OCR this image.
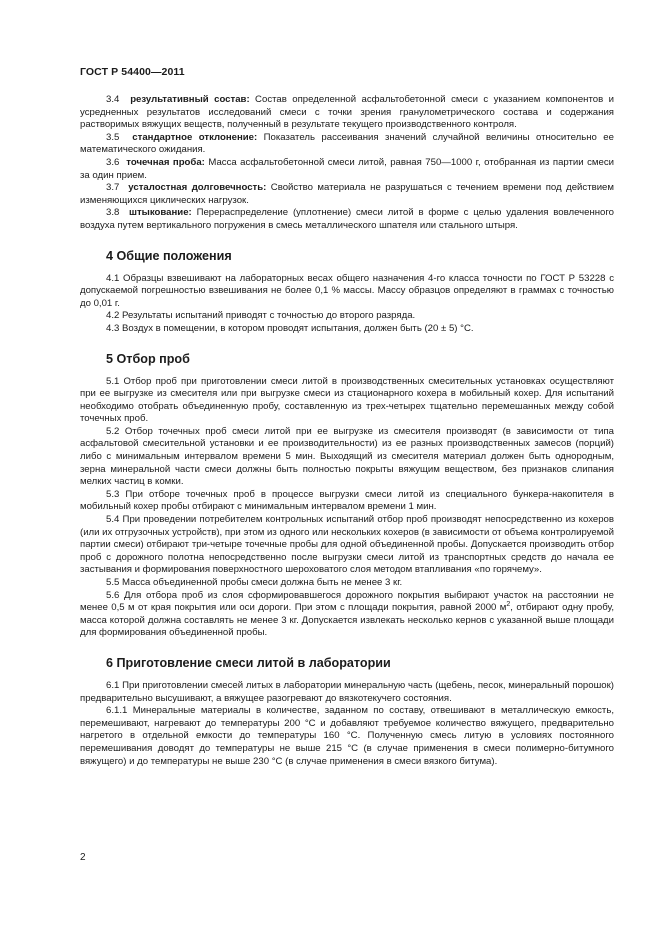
ГОСТ Р 54400—2011

3.4 результативный состав: Состав определенной асфальтобетонной смеси с указанием компонентов и усредненных результатов исследований смеси с точки зрения гранулометрического состава и содержания растворимых вяжущих веществ, полученный в результате текущего производственного контроля.

3.5 стандартное отклонение: Показатель рассеивания значений случайной величины относительно ее математического ожидания.

3.6 точечная проба: Масса асфальтобетонной смеси литой, равная 750—1000 г, отобранная из партии смеси за один прием.

3.7 усталостная долговечность: Свойство материала не разрушаться с течением времени под действием изменяющихся циклических нагрузок.

3.8 штыкование: Перераспределение (уплотнение) смеси литой в форме с целью удаления вовлеченного воздуха путем вертикального погружения в смесь металлического шпателя или стального штыря.

4 Общие положения

4.1 Образцы взвешивают на лабораторных весах общего назначения 4-го класса точности по ГОСТ Р 53228 с допускаемой погрешностью взвешивания не более 0,1 % массы. Массу образцов определяют в граммах с точностью до 0,01 г.

4.2 Результаты испытаний приводят с точностью до второго разряда.

4.3 Воздух в помещении, в котором проводят испытания, должен быть (20 ± 5) °С.

5 Отбор проб

5.1 Отбор проб при приготовлении смеси литой в производственных смесительных установках осуществляют при ее выгрузке из смесителя или при выгрузке смеси из стационарного кохера в мобильный кохер. Для испытаний необходимо отобрать объединенную пробу, составленную из трех-четырех тщательно перемешанных между собой точечных проб.

5.2 Отбор точечных проб смеси литой при ее выгрузке из смесителя производят (в зависимости от типа асфальтовой смесительной установки и ее производительности) из ее разных производственных замесов (порций) либо с минимальным интервалом времени 5 мин. Выходящий из смесителя материал должен быть однородным, зерна минеральной части смеси должны быть полностью покрыты вяжущим веществом, без признаков слипания мелких частиц в комки.

5.3 При отборе точечных проб в процессе выгрузки смеси литой из специального бункера-накопителя в мобильный кохер пробы отбирают с минимальным интервалом времени 1 мин.

5.4 При проведении потребителем контрольных испытаний отбор проб производят непосредственно из кохеров (или их отгрузочных устройств), при этом из одного или нескольких кохеров (в зависимости от объема контролируемой партии смеси) отбирают три-четыре точечные пробы для одной объединенной пробы. Допускается производить отбор проб с дорожного полотна непосредственно после выгрузки смеси литой из транспортных средств до начала ее застывания и формирования поверхностного шероховатого слоя методом втапливания «по горячему».

5.5 Масса объединенной пробы смеси должна быть не менее 3 кг.

5.6 Для отбора проб из слоя сформировавшегося дорожного покрытия выбирают участок на расстоянии не менее 0,5 м от края покрытия или оси дороги. При этом с площади покрытия, равной 2000 $м^2$, отбирают одну пробу, масса которой должна составлять не менее 3 кг. Допускается извлекать несколько кернов с указанной выше площади для формирования объединенной пробы.

6 Приготовление смеси литой в лаборатории

6.1 При приготовлении смесей литых в лаборатории минеральную часть (щебень, песок, минеральный порошок) предварительно высушивают, а вяжущее разогревают до вязкотекучего состояния.

6.1.1 Минеральные материалы в количестве, заданном по составу, отвешивают в металлическую емкость, перемешивают, нагревают до температуры 200 °С и добавляют требуемое количество вяжущего, предварительно нагретого в отдельной емкости до температуры 160 °С. Полученную смесь литую в условиях постоянного перемешивания доводят до температуры не выше 215 °С (в случае применения в смеси полимерно-битумного вяжущего) и до температуры не выше 230 °С (в случае применения в смеси вязкого битума).

2
